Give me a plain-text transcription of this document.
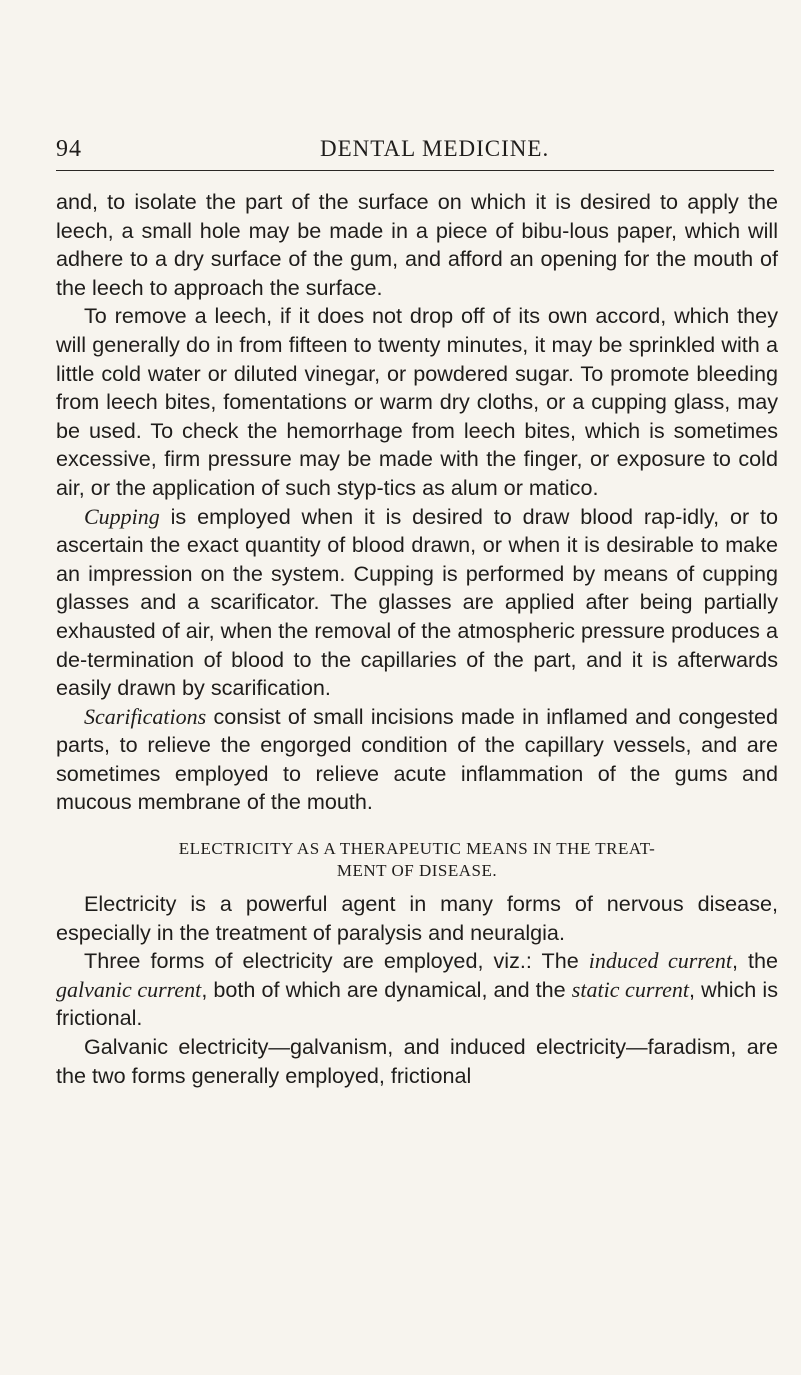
94	DENTAL MEDICINE.

and, to isolate the part of the surface on which it is desired to apply the leech, a small hole may be made in a piece of bibu-lous paper, which will adhere to a dry surface of the gum, and afford an opening for the mouth of the leech to approach the surface.

To remove a leech, if it does not drop off of its own accord, which they will generally do in from fifteen to twenty minutes, it may be sprinkled with a little cold water or diluted vinegar, or powdered sugar. To promote bleeding from leech bites, fomentations or warm dry cloths, or a cupping glass, may be used. To check the hemorrhage from leech bites, which is sometimes excessive, firm pressure may be made with the finger, or exposure to cold air, or the application of such styp-tics as alum or matico.

Cupping is employed when it is desired to draw blood rap-idly, or to ascertain the exact quantity of blood drawn, or when it is desirable to make an impression on the system. Cupping is performed by means of cupping glasses and a scarificator. The glasses are applied after being partially exhausted of air, when the removal of the atmospheric pressure produces a de-termination of blood to the capillaries of the part, and it is afterwards easily drawn by scarification.

Scarifications consist of small incisions made in inflamed and congested parts, to relieve the engorged condition of the capillary vessels, and are sometimes employed to relieve acute inflammation of the gums and mucous membrane of the mouth.

ELECTRICITY AS A THERAPEUTIC MEANS IN THE TREAT-
MENT OF DISEASE.

Electricity is a powerful agent in many forms of nervous disease, especially in the treatment of paralysis and neuralgia.

Three forms of electricity are employed, viz.: The induced current, the galvanic current, both of which are dynamical, and the static current, which is frictional.

Galvanic electricity—galvanism, and induced electricity—faradism, are the two forms generally employed, frictional
